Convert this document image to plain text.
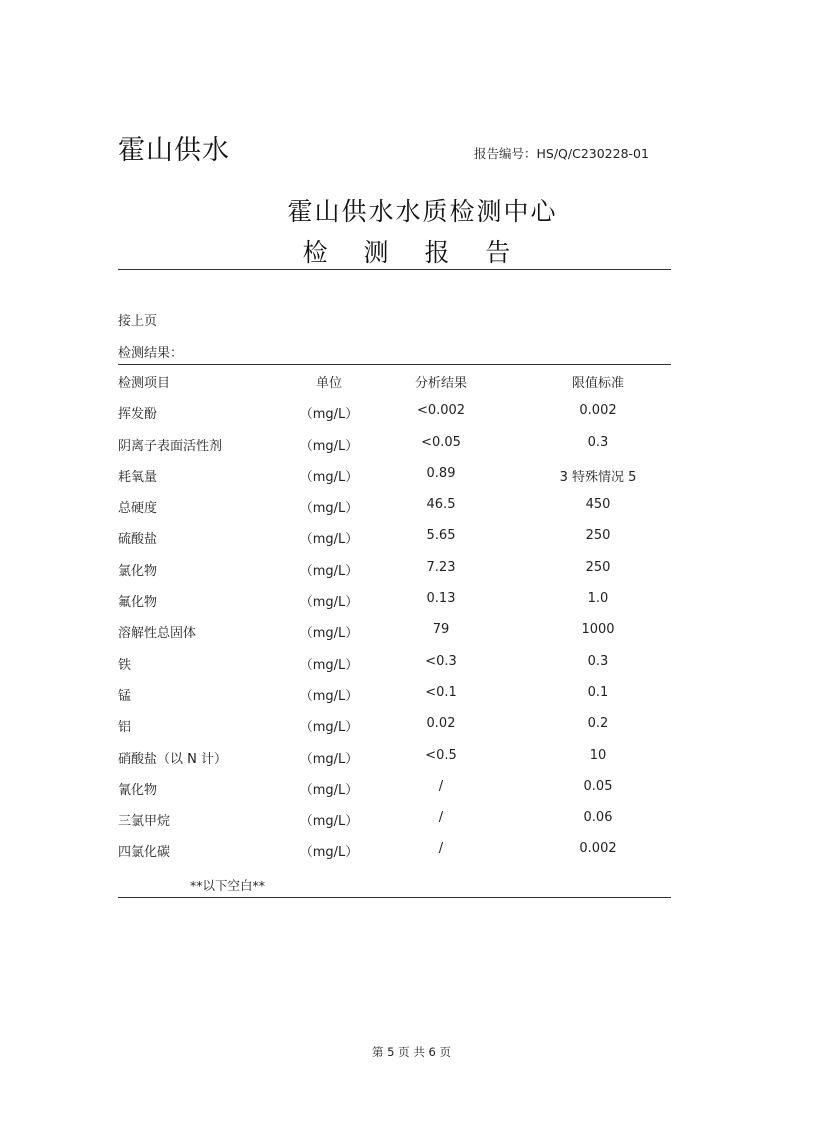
霍山供水	报告编号：HS/Q/C230228-01
霍山供水水质检测中心
检 测 报 告
接上页
检测结果：
检测项目	单位	分析结果	限值标准
挥发酚	（mg/L）	<0.002	0.002
阴离子表面活性剂	（mg/L）	<0.05	0.3
耗氧量	（mg/L）	0.89	3 特殊情况 5
总硬度	（mg/L）	46.5	450
硫酸盐	（mg/L）	5.65	250
氯化物	（mg/L）	7.23	250
氟化物	（mg/L）	0.13	1.0
溶解性总固体	（mg/L）	79	1000
铁	（mg/L）	<0.3	0.3
锰	（mg/L）	<0.1	0.1
铝	（mg/L）	0.02	0.2
硝酸盐（以 N 计）	（mg/L）	<0.5	10
氰化物	（mg/L）	/	0.05
三氯甲烷	（mg/L）	/	0.06
四氯化碳	（mg/L）	/	0.002
**以下空白**
第 5 页 共 6 页
